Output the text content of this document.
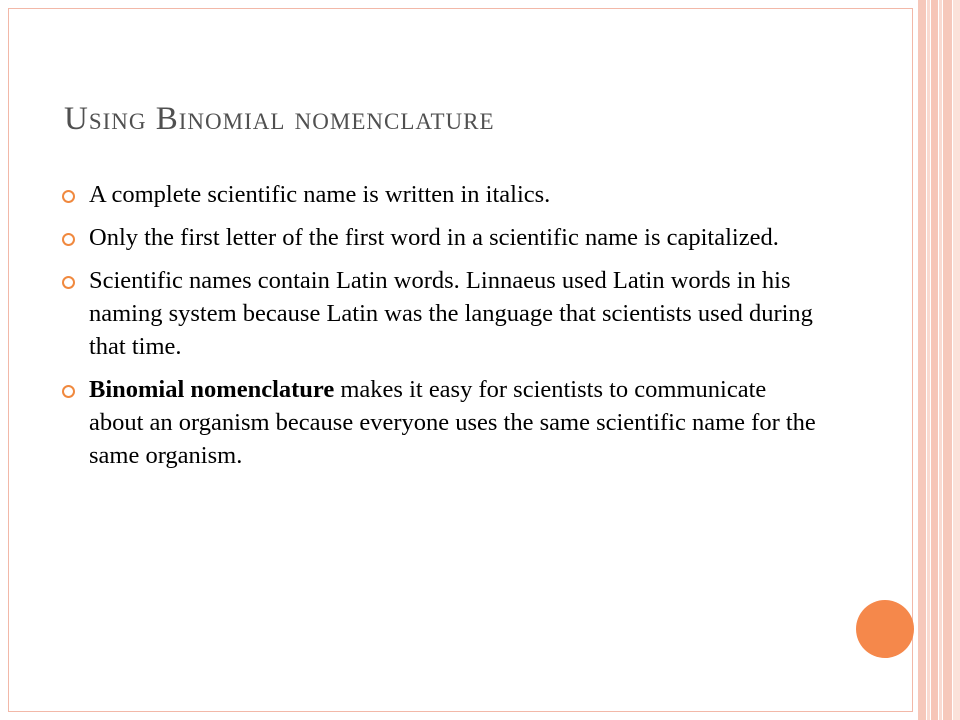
Using Binomial nomenclature
A complete scientific name is written in italics.
Only the first letter of the first word in a scientific name is capitalized.
Scientific names contain Latin words. Linnaeus used Latin words in his naming system because Latin was the language that scientists used during that time.
Binomial nomenclature makes it easy for scientists to communicate about an organism because everyone uses the same scientific name for the same organism.
